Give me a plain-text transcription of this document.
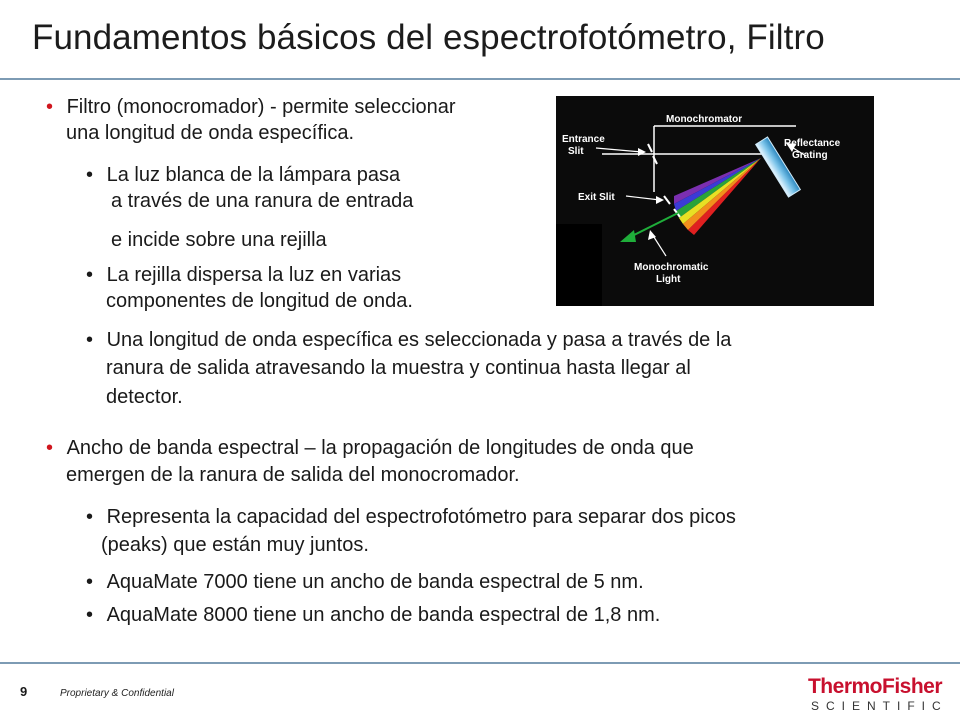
Fundamentos básicos del espectrofotómetro, Filtro
• Filtro (monocromador) - permite seleccionar
una longitud de onda específica.
• La luz blanca de la lámpara pasa
a través de una ranura de entrada
e incide sobre una rejilla
• La rejilla dispersa la luz en varias
componentes de longitud de onda.
• Una longitud de onda específica es seleccionada y pasa a través de la
ranura de salida atravesando la muestra y continua hasta llegar al
detector.
• Ancho de banda espectral – la propagación de longitudes de onda que
emergen de la ranura de salida del monocromador.
• Representa la capacidad del espectrofotómetro para separar dos picos
(peaks) que están muy juntos.
• AquaMate 7000 tiene un ancho de banda espectral de 5 nm.
• AquaMate 8000 tiene un ancho de banda espectral de 1,8 nm.
Monochromator
Entrance
Slit
Reflectance
Grating
Exit Slit
Monochromatic
Light
9	Proprietary & Confidential	ThermoFisher
SCIENTIFIC
